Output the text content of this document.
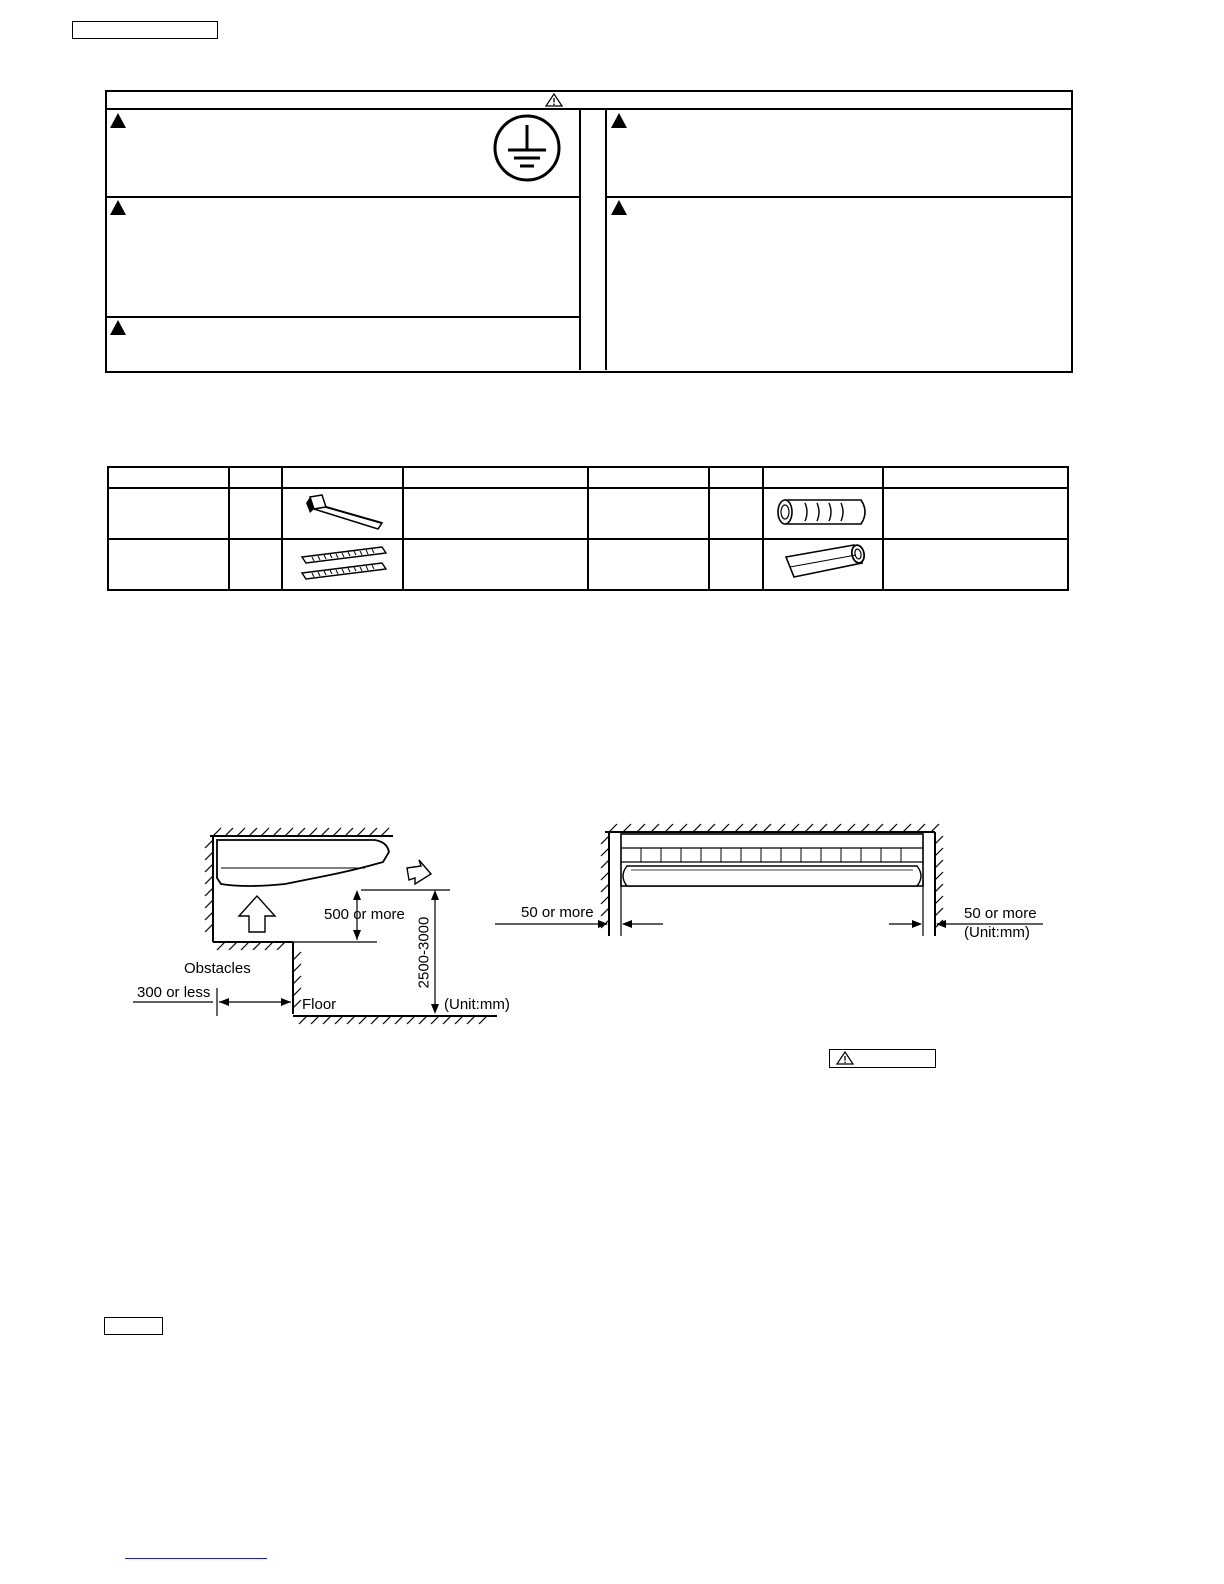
500 or more
2500-3000
Obstacles
300 or less
Floor	(Unit:mm)
50 or more	50 or more
(Unit:mm)
